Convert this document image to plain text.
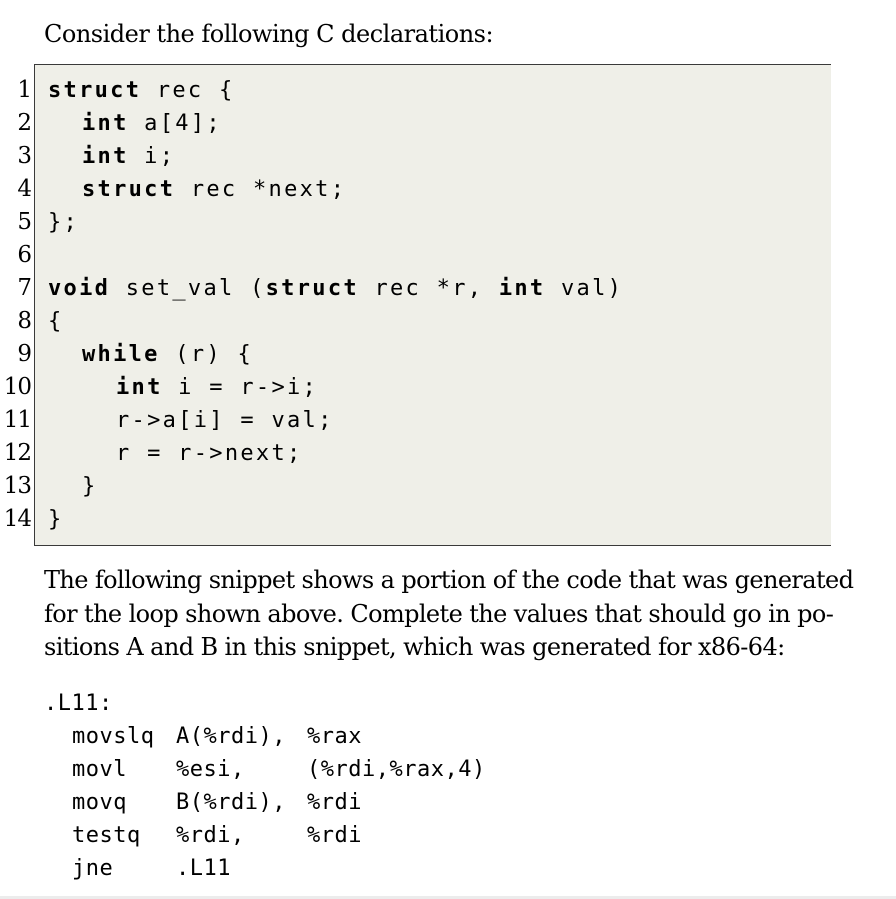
Consider the following C declarations:
1
2
3
4
5
6
7
8
9
10
11
12
13
14
struct rec {
int a[4];
int i;
struct rec *next;
};
void set_val (struct rec *r, int val)
{
while (r) {
int i = r->i;
r->a[i] = val;
r = r->next;
}
}
The following snippet shows a portion of the code that was generated
for the loop shown above. Complete the values that should go in po-
sitions A and B in this snippet, which was generated for x86-64:
.L11:
movslq A(%rdi), %rax
movl %esi,	(%rdi,%rax,4)
movq B(%rdi), %rdi
testq %rdi,	%rdi
jne	.L11
